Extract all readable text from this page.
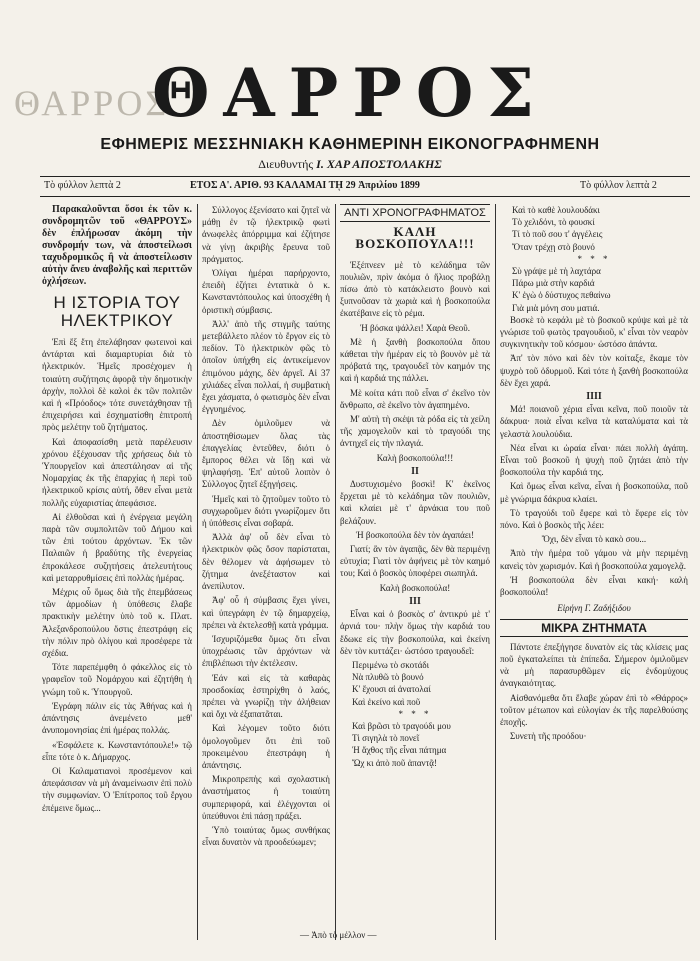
ΘΑΡΡΟΣ
ΘΑΡΡΟΣ
ΕΦΗΜΕΡΙΣ ΜΕΣΣΗΝΙΑΚΗ ΚΑΘΗΜΕΡΙΝΗ ΕΙΚΟΝΟΓΡΑΦΗΜΕΝΗ
Διευθυντής Ι. ΧΑΡ ΑΠΟΣΤΟΛΑΚΗΣ
Τὸ φύλλον λεπτὰ 2	ΕΤΟΣ Α'. ΑΡΙΘ. 93 ΚΑΛΑΜΑΙ Τῌ 29 Ἀπριλίου 1899	Τὸ φύλλον λεπτὰ 2
Παρακαλοῦνται ὅσοι ἐκ τῶν κ. συνδρομητῶν τοῦ «ΘΑΡΡΟΥΣ» δὲν ἐπλήρωσαν ἀκόμη τὴν συνδρομήν των, νὰ ἀποστείλωσι ταχυδρομικῶς ἢ νὰ ἀποστείλωσιν αὐτὴν ἄνευ ἀναβολῆς καὶ περιττῶν ὀχλήσεων.
Η ΙΣΤΟΡΙΑ ΤΟΥ ΗΛΕΚΤΡΙΚΟΥ

Ἐπὶ ἔξ ἔτη ἐπελάβησαν φωτεινοὶ καὶ ἀντάρται καὶ διαμαρτυρίαι διὰ τὸ ἠλεκτρικόν. Ἡμεῖς προσέχομεν ἡ τοιαύτη συζήτησις ἀφορᾷ τὴν δημοτικὴν ἀρχὴν, πολλοὶ δὲ καλοὶ ἐκ τῶν πολιτῶν καὶ ἡ «Πρόοδος» τότε συνετάχθησαν τῇ ἐπιχειρήσει καὶ ἐσχηματίσθη ἐπιτροπή πρὸς μελέτην τοῦ ζητήματος.

Καὶ ἀποφασίσθη μετὰ παρέλευσιν χρόνου ἐξέχουσαν τῆς χρήσεως διὰ τὸ Ὑπουργεῖον καὶ ἀπεστάλησαν αἱ τῆς Νομαρχίας ἐκ τῆς ἐπαρχίας ἡ περὶ τοῦ ἠλεκτρικοῦ κρίσις αὐτή, ὅθεν εἶναι μετὰ πολλῆς εὐχαριστίας ἀπεφάσισε.

Αἱ ἐλθοῦσαι καὶ ἡ ἐνέργεια μεγάλη παρὰ τῶν συμπολιτῶν τοῦ Δήμου καὶ τῶν ἐπὶ τούτου ἀρχόντων. Ἐκ τῶν Παλαιῶν ἡ βραδύτης τῆς ἐνεργείας ἐπροκάλεσε συζητήσεις ἀτελευτήτους καὶ μεταρρυθμίσεις ἐπὶ πολλὰς ἡμέρας.

Μέχρις οὗ ὅμως διὰ τῆς ἐπεμβάσεως τῶν ἁρμοδίων ἡ ὑπόθεσις ἔλαβε πρακτικὴν μελέτην ὑπὸ τοῦ κ. Πλατ. Ἀλεξανδροπούλου ὅστις ἐπεστράφη εἰς τὴν πόλιν πρὸ ὀλίγου καὶ προσέφερε τὰ σχέδια.

Τότε παρεπέμφθη ὁ φάκελλος εἰς τὸ γραφεῖον τοῦ Νομάρχου καὶ ἐζητήθη ἡ γνώμη τοῦ κ. Ὑπουργοῦ.

Ἐγράφη πάλιν εἰς τὰς Ἀθήνας καὶ ἡ ἀπάντησις ἀνεμένετο μεθ' ἀνυπομονησίας ἐπὶ ἡμέρας πολλάς.

«Ἐσφάλετε κ. Κωνσταντόπουλε!» τῷ εἶπε τότε ὁ κ. Δήμαρχος.

Οἱ Καλαματιανοὶ προσέμενον καὶ ἀπεφάσισαν νὰ μὴ ἀναμείνωσιν ἐπὶ πολὺ τὴν συμφωνίαν. Ὁ Ἐπίτροπος τοῦ ἔργου ἐπέμεινε ὅμως...

Σύλλογος ἐξενίσατο καὶ ζητεῖ νὰ μάθῃ ἐν τῷ ἠλεκτρικῷ φωτὶ ἀνωφελὲς ἀπόρριμμα καὶ ἐζήτησε νὰ γίνῃ ἀκριβὴς ἔρευνα τοῦ πράγματος.

Ὀλίγαι ἡμέραι παρήρχοντο, ἐπειδὴ ἐζήτει ἐντατικὰ ὁ κ. Κωνσταντόπουλος καὶ ὑποσχέθη ἡ ὁριστικὴ σύμβασις.

Ἀλλ' ἀπὸ τῆς στιγμῆς ταύτης μετεβάλλετο πλέον τὸ ἔργον εἰς τὸ πεδίον. Τὸ ἠλεκτρικὸν φῶς τὸ ὁποῖον ὑπήχθη εἰς ἀντικείμενον ἐπιμόνου μάχης, δὲν ἀργεῖ. Αἱ 37 χιλιάδες εἶναι πολλαί, ἡ συμβατικὴ ἔχει χάσματα, ὁ φωτισμὸς δὲν εἶναι ἐγγυημένος.

Δὲν ὁμιλοῦμεν νὰ ἀποστηθίσωμεν ὅλας τὰς ἐπαγγελίας ἐντεῦθεν, διότι ὁ ἔμπορος θέλει νὰ ἴδῃ καὶ νὰ ψηλαφήσῃ. Ἐπ' αὐτοῦ λοιπὸν ὁ Σύλλογος ζητεῖ ἐξηγήσεις.

Ἡμεῖς καὶ τὸ ζητοῦμεν τοῦτο τὸ συγχωροῦμεν διότι γνωρίζομεν ὅτι ἡ ὑπόθεσις εἶναι σοβαρά.

Ἀλλὰ ἀφ' οὗ δὲν εἶναι τὸ ἠλεκτρικὸν φῶς ὅσον παρίσταται, δὲν θέλομεν νὰ ἀφήσωμεν τὸ ζήτημα ἀνεξέταστον καὶ ἀνεπίλυτον.

Ἀφ' οὗ ἡ σύμβασις ἔχει γίνει, καὶ ὑπεγράφη ἐν τῷ δημαρχείῳ, πρέπει νὰ ἐκτελεσθῇ κατὰ γράμμα.

Ἰσχυριζόμεθα ὅμως ὅτι εἶναι ὑποχρέωσις τῶν ἀρχόντων νὰ ἐπιβλέπωσι τὴν ἐκτέλεσιν.

Ἐάν καὶ εἰς τὰ καθαρὰς προσδοκίας ἐστηρίχθη ὁ λαός, πρέπει νὰ γνωρίζῃ τὴν ἀλήθειαν καὶ ὄχι νὰ ἐξαπατᾶται.

Καὶ λέγομεν τοῦτο διότι ὁμολογοῦμεν ὅτι ἐπὶ τοῦ προκειμένου ἐπεστράφη ἡ ἀπάντησις.

Μικροπρεπὴς καὶ σχολαστικὴ ἀναστήματος ἡ τοιαύτη συμπεριφορά, καὶ ἐλέγχονται οἱ ὑπεύθυνοι ἐπὶ πάσῃ πράξει.

Ὑπὸ τοιαύτας ὅμως συνθήκας εἶναι δυνατὸν νὰ προοδεύωμεν;

ΑΝΤΙ ΧΡΟΝΟΓΡΑΦΗΜΑΤΟΣ
ΚΑΛΗ ΒΟΣΚΟΠΟΥΛΑ!!!

Ἐξέπνεεν μὲ τὸ κελάδημα τῶν πουλιῶν, πρὶν ἀκόμα ὁ ἥλιος προβάλῃ πίσω ἀπὸ τὸ κατάκλειστο βουνὸ καὶ ξυπνοῦσαν τὰ χωριὰ καὶ ἡ βοσκοπούλα ἐκατέβαινε εἰς τὸ ρέμα.

Ἡ βόσκα ψάλλει! Χαρὰ Θεοῦ.

Μὲ ἡ ξανθὴ βοσκοπούλα ὅπου κάθεται τὴν ἡμέραν εἰς τὸ βουνὸν μὲ τὰ πρόβατά της, τραγουδεῖ τὸν καημόν της καὶ ἡ καρδιά της πάλλει.

Μὲ κοίτα κάτι ποῦ εἶναι σ' ἐκεῖνο τὸν ἄνθρωπο, σὲ ἐκεῖνο τὸν ἀγαπημένο.

Μ' αὐτὴ τὴ σκέψι τὰ ρόδα εἰς τὰ χείλη τῆς χαμογελοῦν καὶ τὸ τραγούδι της ἀντηχεῖ εἰς τὴν πλαγιά.

Καλὴ βοσκοπούλα!!!

II

Δυστυχισμένο βοσκὶ! Κ' ἐκεῖνος ἔρχεται μὲ τὸ κελάδημα τῶν πουλιῶν, καὶ κλαίει μὲ τ' ἀρνάκια του ποῦ βελάζουν.

Ἡ βοσκοπούλα δὲν τὸν ἀγαπάει!

Γιατί; ἂν τὸν ἀγαπᾷς, δὲν θὰ περιμένῃ εὐτυχία; Γιατὶ τὸν ἀφήνεις μὲ τὸν καημό του; Καὶ ὁ βοσκὸς ὑποφέρει σιωπηλά.

Καλὴ βοσκοπούλα!

III

Εἶναι καὶ ὁ βοσκὸς σ' ἀντικρύ μὲ τ' ἀρνιά του· πλὴν ὅμως τὴν καρδιά του ἔδωκε εἰς τὴν βοσκοπούλα, καὶ ἐκείνη δὲν τὸν κυττάζει· ὡστόσο τραγουδεῖ:

Περιμένω τὸ σκοτάδι
Νὰ πλυθῶ τὸ βουνό
Κ' ἔχουσι αἱ ἀνατολαί
Καὶ ἐκείνο καὶ ποῦ
* * *
Καὶ βρῶσι τὸ τραγούδι μου
Τὶ σιγηλὰ τὸ πονεῖ
Ἡ ἄχθος τῆς εἶναι πάτημα
Ὤχ κι ἀπὸ ποῦ ἀπαντᾷ!
Καὶ τὸ καθὲ λουλουδάκι
Τὸ χελιδόνι, τὸ φουσκί
Τί τὸ ποῦ σου τ' ἀγγέλεις
Ὅταν τρέχῃ στὸ βουνό
* * *
Σὺ γράψε μὲ τὴ λαχτάρα
Πάρω μιὰ στὴν καρδιά
Κ' ἐγὼ ὁ δύστυχος πεθαίνω
Γιὰ μιὰ μόνη σου ματιά.

Βοσκὲ τὸ κεφάλι μὲ τὸ βοσκοῦ κρύψε καὶ μὲ τὰ γνώρισε τοῦ φωτὸς τραγουδιοῦ, κ' εἶναι τὸν νεαρὸν συγκινητικὴν τοῦ κόσμου· ὡστόσο ἀπάντα.

Ἀπ' τὸν πόνο καὶ δὲν τὸν κοίταξε, ἔκαμε τὸν ψυχρὸ τοῦ ὀδυρμοῦ. Καὶ τότε ἡ ξανθὴ βοσκοπούλα δὲν ἔχει χαρά.

IIII

Μά! ποιανοῦ χέρια εἶναι κεῖνα, ποῦ ποιοῦν τὰ δάκρυα· ποιὰ εἶναι κεῖνα τὰ καταλύματα καὶ τὰ γελαστὰ λουλούδια.

Νέα εἶναι κι ὡραία εἶναι· πάει πολλὴ ἀγάπη. Εἶναι τοῦ βοσκοῦ ἡ ψυχὴ ποῦ ζητάει ἀπὸ τὴν βοσκοπούλα τὴν καρδιά της.

Καὶ ὅμως εἶναι κεῖνα, εἶναι ἡ βοσκοπούλα, ποῦ μὲ γνώριμα δάκρυα κλαίει.

Τὸ τραγούδι τοῦ ἔφερε καὶ τὸ ἔφερε εἰς τὸν πόνο. Καὶ ὁ βοσκὸς τῆς λέει:

Ὄχι, δὲν εἶναι τὸ κακὸ σου...

Ἀπὸ τὴν ἡμέρα τοῦ γάμου νὰ μὴν περιμένῃ κανεὶς τὸν χωρισμόν. Καὶ ἡ βοσκοπούλα χαμογελᾷ.

Ἡ βοσκοπούλα δὲν εἶναι κακή· καλὴ βοσκοπούλα!

Εἰρήνη Γ. Ζαδήξιδου
ΜΙΚΡΑ ΖΗΤΗΜΑΤΑ

Πάντοτε ἐπεξήγησε δυνατὸν εἰς τὰς κλίσεις μας ποῦ ἐγκαταλείπει τὰ ἐπίπεδα. Σήμερον ὁμιλοῦμεν νὰ μὴ παρασυρθῶμεν εἰς ἐνδομύχους ἀναγκαιότητας.

Αἰσθανόμεθα ὅτι ἔλαβε χώραν ἐπὶ τὸ «Θάρρος» τοῦτον μέτωπον καὶ εὐλογίαν ἐκ τῆς παρελθούσης ἐποχῆς.

Συνετὴ τῆς προόδου·

— Ἀπὸ τὸ μέλλον —
